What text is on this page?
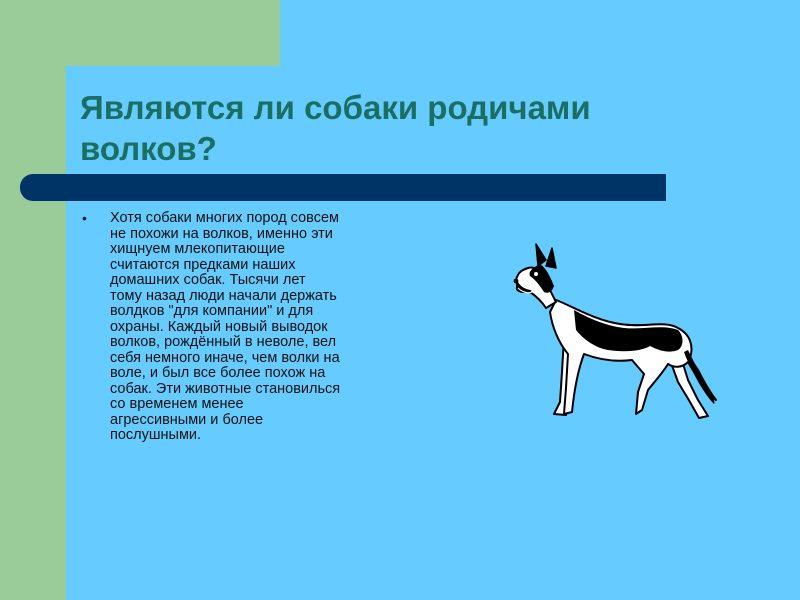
Являются ли собаки родичами
волков?
• Хотя собаки многих пород совсем
не похожи на волков, именно эти
хищнуем млекопитающие
считаются предками наших
домашних собак. Тысячи лет
тому назад люди начали держать
волдков "для компании" и для
охраны. Каждый новый выводок
волков, рождённый в неволе, вел
себя немного иначе, чем волки на
воле, и был все более похож на
собак. Эти животные становилься
со временем менее
агрессивными и более
послушными.
